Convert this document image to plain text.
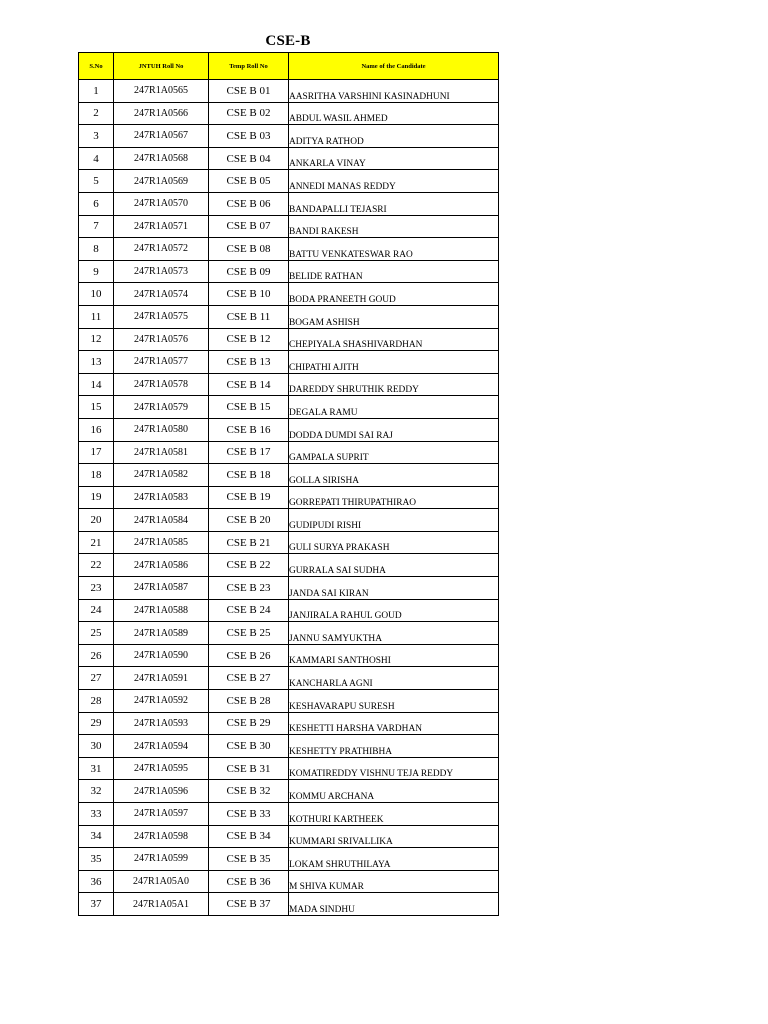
CSE-B
S.No	JNTUH Roll No	Temp Roll No	Name of the Candidate
1	247R1A0565	CSE B 01	AASRITHA VARSHINI KASINADHUNI
2	247R1A0566	CSE B 02	ABDUL WASIL AHMED
3	247R1A0567	CSE B 03	ADITYA RATHOD
4	247R1A0568	CSE B 04	ANKARLA VINAY
5	247R1A0569	CSE B 05	ANNEDI MANAS REDDY
6	247R1A0570	CSE B 06	BANDAPALLI TEJASRI
7	247R1A0571	CSE B 07	BANDI RAKESH
8	247R1A0572	CSE B 08	BATTU VENKATESWAR RAO
9	247R1A0573	CSE B 09	BELIDE RATHAN
10	247R1A0574	CSE B 10	BODA PRANEETH GOUD
11	247R1A0575	CSE B 11	BOGAM ASHISH
12	247R1A0576	CSE B 12	CHEPIYALA SHASHIVARDHAN
13	247R1A0577	CSE B 13	CHIPATHI AJITH
14	247R1A0578	CSE B 14	DAREDDY SHRUTHIK REDDY
15	247R1A0579	CSE B 15	DEGALA RAMU
16	247R1A0580	CSE B 16	DODDA DUMDI SAI RAJ
17	247R1A0581	CSE B 17	GAMPALA SUPRIT
18	247R1A0582	CSE B 18	GOLLA SIRISHA
19	247R1A0583	CSE B 19	GORREPATI THIRUPATHIRAO
20	247R1A0584	CSE B 20	GUDIPUDI RISHI
21	247R1A0585	CSE B 21	GULI SURYA PRAKASH
22	247R1A0586	CSE B 22	GURRALA SAI SUDHA
23	247R1A0587	CSE B 23	JANDA SAI KIRAN
24	247R1A0588	CSE B 24	JANJIRALA RAHUL GOUD
25	247R1A0589	CSE B 25	JANNU SAMYUKTHA
26	247R1A0590	CSE B 26	KAMMARI SANTHOSHI
27	247R1A0591	CSE B 27	KANCHARLA AGNI
28	247R1A0592	CSE B 28	KESHAVARAPU SURESH
29	247R1A0593	CSE B 29	KESHETTI HARSHA VARDHAN
30	247R1A0594	CSE B 30	KESHETTY PRATHIBHA
31	247R1A0595	CSE B 31	KOMATIREDDY VISHNU TEJA REDDY
32	247R1A0596	CSE B 32	KOMMU ARCHANA
33	247R1A0597	CSE B 33	KOTHURI KARTHEEK
34	247R1A0598	CSE B 34	KUMMARI SRIVALLIKA
35	247R1A0599	CSE B 35	LOKAM SHRUTHILAYA
36	247R1A05A0	CSE B 36	M SHIVA KUMAR
37	247R1A05A1	CSE B 37	MADA SINDHU
